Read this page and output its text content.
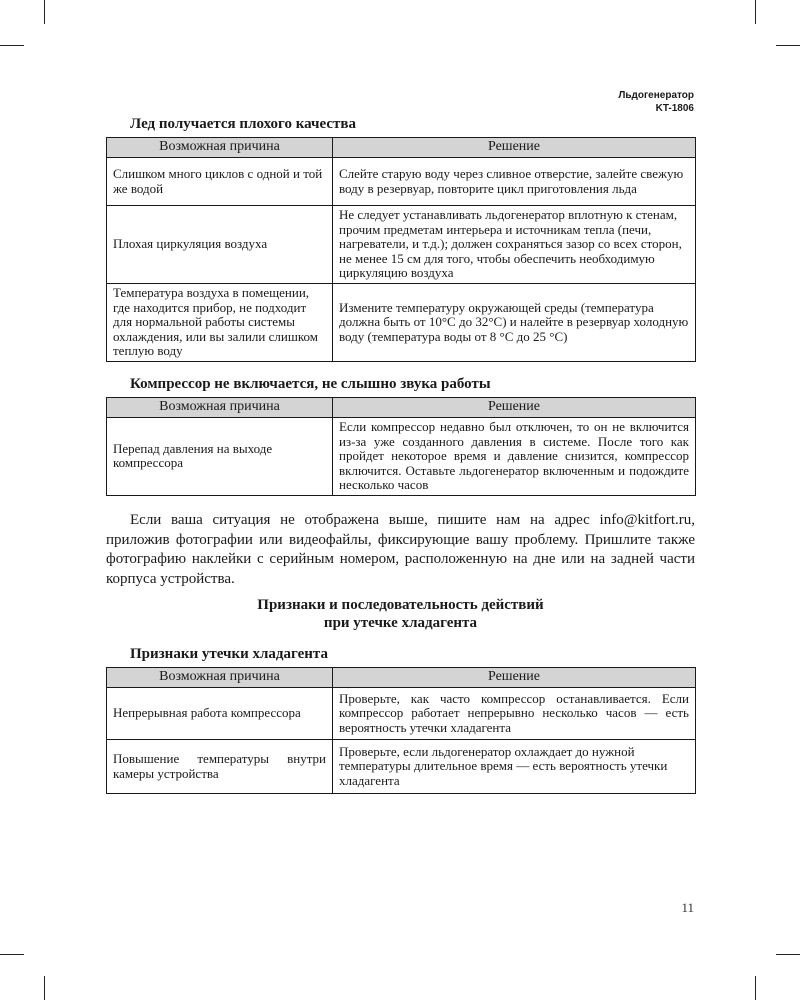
Льдогенератор
KT-1806
Лед получается плохого качества
Возможная причина	Решение
Слишком много циклов с одной и той же водой	Слейте старую воду через сливное отверстие, залейте свежую воду в резервуар, повторите цикл приготовления льда
Плохая циркуляция воздуха	Не следует устанавливать льдогенератор вплотную к стенам, прочим предметам интерьера и источникам тепла (печи, нагреватели, и т.д.); должен сохраняться зазор со всех сторон, не менее 15 см для того, чтобы обеспечить необходимую циркуляцию воздуха
Температура воздуха в помещении, где находится прибор, не подходит для нормальной работы системы охлаждения, или вы залили слишком теплую воду	Измените температуру окружающей среды (температура должна быть от 10°С до 32°С) и налейте в резервуар холодную воду (температура воды от 8 °С до 25 °С)
Компрессор не включается, не слышно звука работы
Возможная причина	Решение
Перепад давления на выходе компрессора	Если компрессор недавно был отключен, то он не включится из-за уже созданного давления в системе. После того как пройдет некоторое время и давление снизится, компрессор включится. Оставьте льдогенератор включенным и подождите несколько часов
Если ваша ситуация не отображена выше, пишите нам на адрес info@kitfort.ru, приложив фотографии или видеофайлы, фиксирующие вашу проблему. Пришлите также фотографию наклейки с серийным номером, расположенную на дне или на задней части корпуса устройства.
Признаки и последовательность действий
при утечке хладагента
Признаки утечки хладагента
Возможная причина	Решение
Непрерывная работа компрессора	Проверьте, как часто компрессор останавливается. Если компрессор работает непрерывно несколько часов — есть вероятность утечки хладагента
Повышение температуры внутри камеры устройства	Проверьте, если льдогенератор охлаждает до нужной температуры длительное время — есть вероятность утечки хладагента
11
